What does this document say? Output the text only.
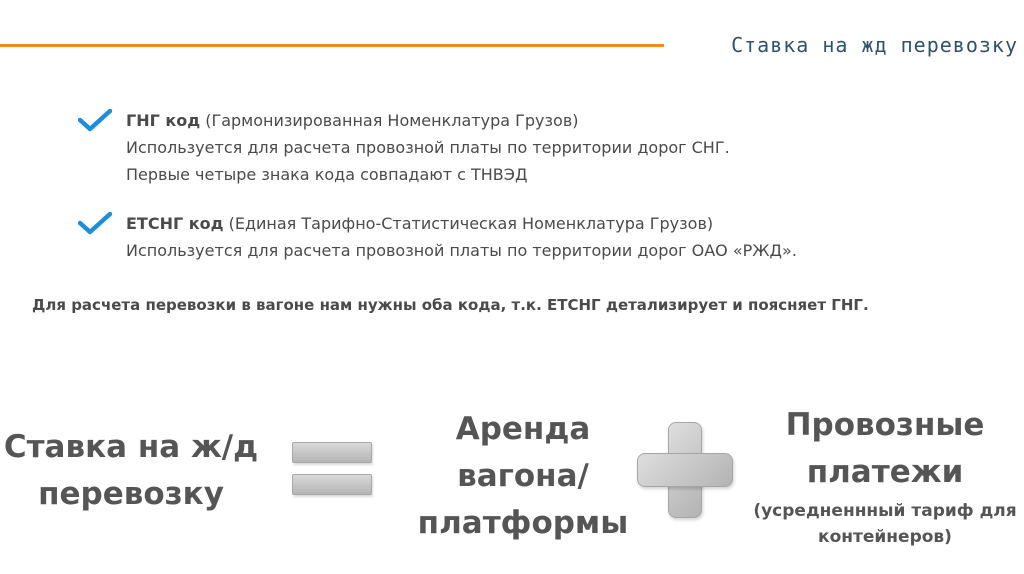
Ставка на жд перевозку
ГНГ код (Гармонизированная Номенклатура Грузов)
Используется для расчета провозной платы по территории дорог СНГ.
Первые четыре знака кода совпадают с ТНВЭД
ЕТСНГ код (Единая Тарифно-Статистическая Номенклатура Грузов)
Используется для расчета провозной платы по территории дорог ОАО «РЖД».
Для расчета перевозки в вагоне нам нужны оба кода, т.к. ЕТСНГ детализирует и поясняет ГНГ.
Ставка на ж/д
перевозку
Аренда
вагона/
платформы
Провозные
платежи
(усредненнный тариф для
контейнеров)
